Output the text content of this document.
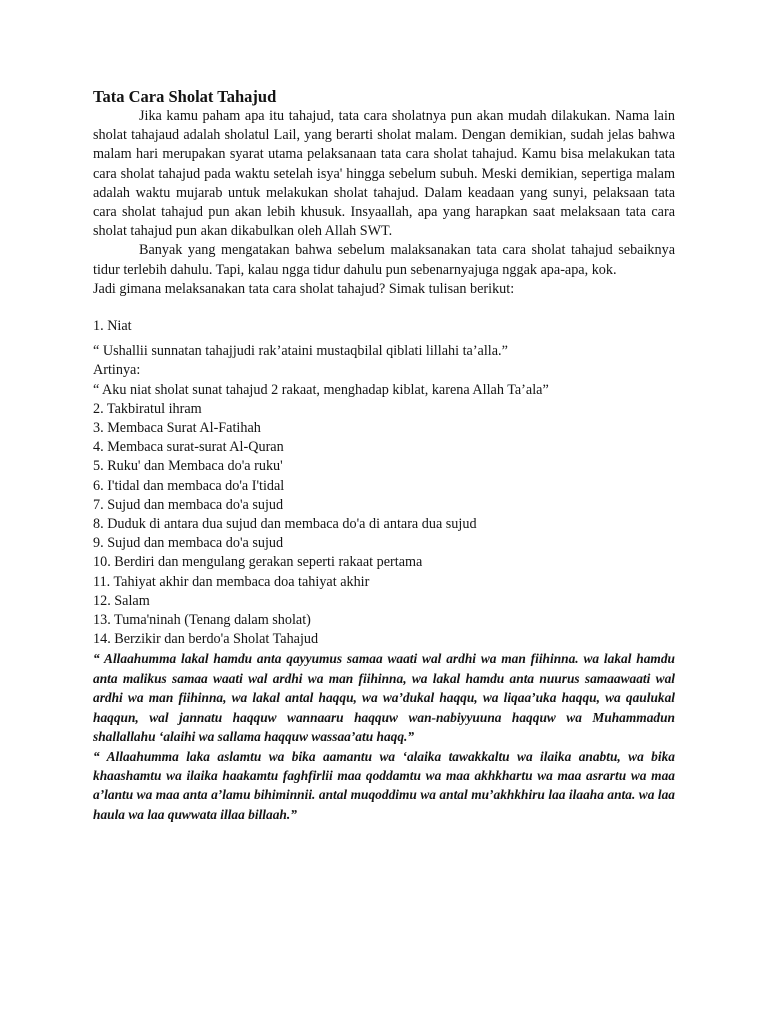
Tata Cara Sholat Tahajud

Jika kamu paham apa itu tahajud, tata cara sholatnya pun akan mudah dilakukan. Nama lain sholat tahajaud adalah sholatul Lail, yang berarti sholat malam. Dengan demikian, sudah jelas bahwa malam hari merupakan syarat utama pelaksanaan tata cara sholat tahajud. Kamu bisa melakukan tata cara sholat tahajud pada waktu setelah isya' hingga sebelum subuh. Meski demikian, sepertiga malam adalah waktu mujarab untuk melakukan sholat tahajud. Dalam keadaan yang sunyi, pelaksaan tata cara sholat tahajud pun akan lebih khusuk. Insyaallah, apa yang harapkan saat melaksaan tata cara sholat tahajud pun akan dikabulkan oleh Allah SWT.

Banyak yang mengatakan bahwa sebelum malaksanakan tata cara sholat tahajud sebaiknya tidur terlebih dahulu. Tapi, kalau ngga tidur dahulu pun sebenarnyajuga nggak apa-apa, kok.

Jadi gimana melaksanakan tata cara sholat tahajud? Simak tulisan berikut:

1. Niat

“ Ushallii sunnatan tahajjudi rak’ataini mustaqbilal qiblati lillahi ta’alla.”

Artinya:

“ Aku niat sholat sunat tahajud 2 rakaat, menghadap kiblat, karena Allah Ta’ala”

2. Takbiratul ihram
3. Membaca Surat Al-Fatihah
4. Membaca surat-surat Al-Quran
5. Ruku' dan Membaca do'a ruku'
6. I'tidal dan membaca do'a I'tidal
7. Sujud dan membaca do'a sujud
8. Duduk di antara dua sujud dan membaca do'a di antara dua sujud
9. Sujud dan membaca do'a sujud
10. Berdiri dan mengulang gerakan seperti rakaat pertama
11. Tahiyat akhir dan membaca doa tahiyat akhir
12. Salam
13. Tuma'ninah (Tenang dalam sholat)
14. Berzikir dan berdo'a Sholat Tahajud

“ Allaahumma lakal hamdu anta qayyumus samaa waati wal ardhi wa man fiihinna. wa lakal hamdu anta malikus samaa waati wal ardhi wa man fiihinna, wa lakal hamdu anta nuurus samaawaati wal ardhi wa man fiihinna, wa lakal antal haqqu, wa wa’dukal haqqu, wa liqaa’uka haqqu, wa qaulukal haqqun, wal jannatu haqquw wannaaru haqquw wan-nabiyyuuna haqquw wa Muhammadun shallallahu ‘alaihi wa sallama haqquw wassaa’atu haqq.”

“ Allaahumma laka aslamtu wa bika aamantu wa ‘alaika tawakkaltu wa ilaika anabtu, wa bika khaashamtu wa ilaika haakamtu faghfirlii maa qoddamtu wa maa akhkhartu wa maa asrartu wa maa a’lantu wa maa anta a’lamu bihiminnii. antal muqoddimu wa antal mu’akhkhiru laa ilaaha anta. wa laa haula wa laa quwwata illaa billaah.”
